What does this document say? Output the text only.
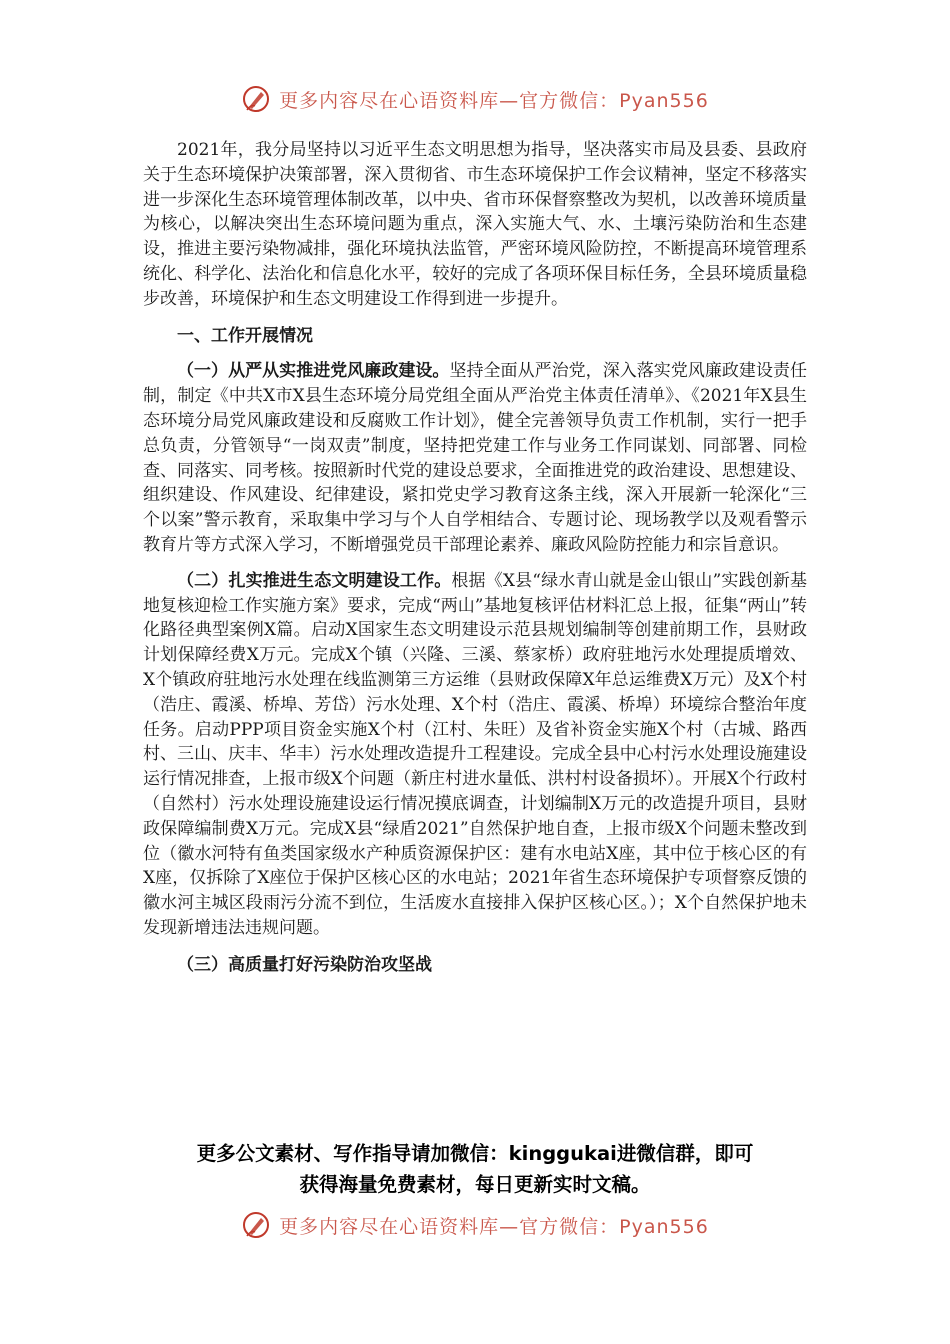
更多内容尽在心语资料库—官方微信：Pyan556

2021年，我分局坚持以习近平生态文明思想为指导，坚决落实市局及县委、县政府关于生态环境保护决策部署，深入贯彻省、市生态环境保护工作会议精神，坚定不移落实进一步深化生态环境管理体制改革，以中央、省市环保督察整改为契机，以改善环境质量为核心，以解决突出生态环境问题为重点，深入实施大气、水、土壤污染防治和生态建设，推进主要污染物减排，强化环境执法监管，严密环境风险防控，不断提高环境管理系统化、科学化、法治化和信息化水平，较好的完成了各项环保目标任务，全县环境质量稳步改善，环境保护和生态文明建设工作得到进一步提升。

一、工作开展情况

（一）从严从实推进党风廉政建设。坚持全面从严治党，深入落实党风廉政建设责任制，制定《中共X市X县生态环境分局党组全面从严治党主体责任清单》、《2021年X县生态环境分局党风廉政建设和反腐败工作计划》，健全完善领导负责工作机制，实行一把手总负责，分管领导“一岗双责”制度，坚持把党建工作与业务工作同谋划、同部署、同检查、同落实、同考核。按照新时代党的建设总要求，全面推进党的政治建设、思想建设、组织建设、作风建设、纪律建设，紧扣党史学习教育这条主线，深入开展新一轮深化“三个以案”警示教育，采取集中学习与个人自学相结合、专题讨论、现场教学以及观看警示教育片等方式深入学习，不断增强党员干部理论素养、廉政风险防控能力和宗旨意识。

（二）扎实推进生态文明建设工作。根据《X县“绿水青山就是金山银山”实践创新基地复核迎检工作实施方案》要求，完成“两山”基地复核评估材料汇总上报，征集“两山”转化路径典型案例X篇。启动X国家生态文明建设示范县规划编制等创建前期工作，县财政计划保障经费X万元。完成X个镇（兴隆、三溪、蔡家桥）政府驻地污水处理提质增效、X个镇政府驻地污水处理在线监测第三方运维（县财政保障X年总运维费X万元）及X个村（浩庄、霞溪、桥埠、芳岱）污水处理、X个村（浩庄、霞溪、桥埠）环境综合整治年度任务。启动PPP项目资金实施X个村（江村、朱旺）及省补资金实施X个村（古城、路西村、三山、庆丰、华丰）污水处理改造提升工程建设。完成全县中心村污水处理设施建设运行情况排查，上报市级X个问题（新庄村进水量低、洪村村设备损坏）。开展X个行政村（自然村）污水处理设施建设运行情况摸底调查，计划编制X万元的改造提升项目，县财政保障编制费X万元。完成X县“绿盾2021”自然保护地自查，上报市级X个问题未整改到位（徽水河特有鱼类国家级水产种质资源保护区：建有水电站X座，其中位于核心区的有X座，仅拆除了X座位于保护区核心区的水电站；2021年省生态环境保护专项督察反馈的徽水河主城区段雨污分流不到位，生活废水直接排入保护区核心区。）；X个自然保护地未发现新增违法违规问题。

（三）高质量打好污染防治攻坚战
更多公文素材、写作指导请加微信：kinggukai进微信群，即可
获得海量免费素材，每日更新实时文稿。
更多内容尽在心语资料库—官方微信：Pyan556
